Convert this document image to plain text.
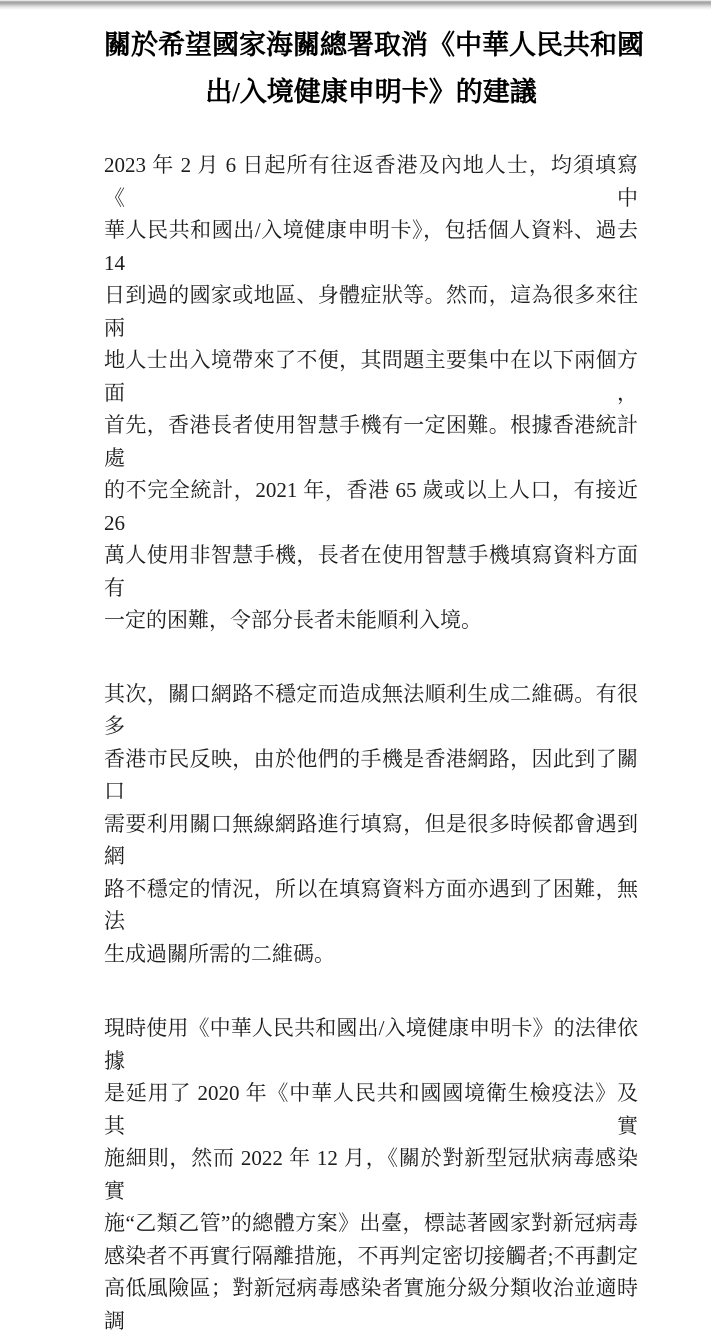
關於希望國家海關總署取消《中華人民共和國
出/入境健康申明卡》的建議
2023 年 2 月 6 日起所有往返香港及內地人士，均須填寫《中
華人民共和國出/入境健康申明卡》，包括個人資料、過去 14
日到過的國家或地區、身體症狀等。然而，這為很多來往兩
地人士出入境帶來了不便，其問題主要集中在以下兩個方面，
首先，香港長者使用智慧手機有一定困難。根據香港統計處
的不完全統計，2021 年，香港 65 歲或以上人口，有接近 26
萬人使用非智慧手機，長者在使用智慧手機填寫資料方面有
一定的困難，令部分長者未能順利入境。
其次，關口網路不穩定而造成無法順利生成二維碼。有很多
香港市民反映，由於他們的手機是香港網路，因此到了關口
需要利用關口無線網路進行填寫，但是很多時候都會遇到網
路不穩定的情況，所以在填寫資料方面亦遇到了困難，無法
生成過關所需的二維碼。
現時使用《中華人民共和國出/入境健康申明卡》的法律依據
是延用了 2020 年《中華人民共和國國境衛生檢疫法》及其實
施細則，然而 2022 年 12 月，《關於對新型冠狀病毒感染實
施“乙類乙管”的總體方案》出臺，標誌著國家對新冠病毒
感染者不再實行隔離措施，不再判定密切接觸者;不再劃定
高低風險區；對新冠病毒感染者實施分級分類收治並適時調
